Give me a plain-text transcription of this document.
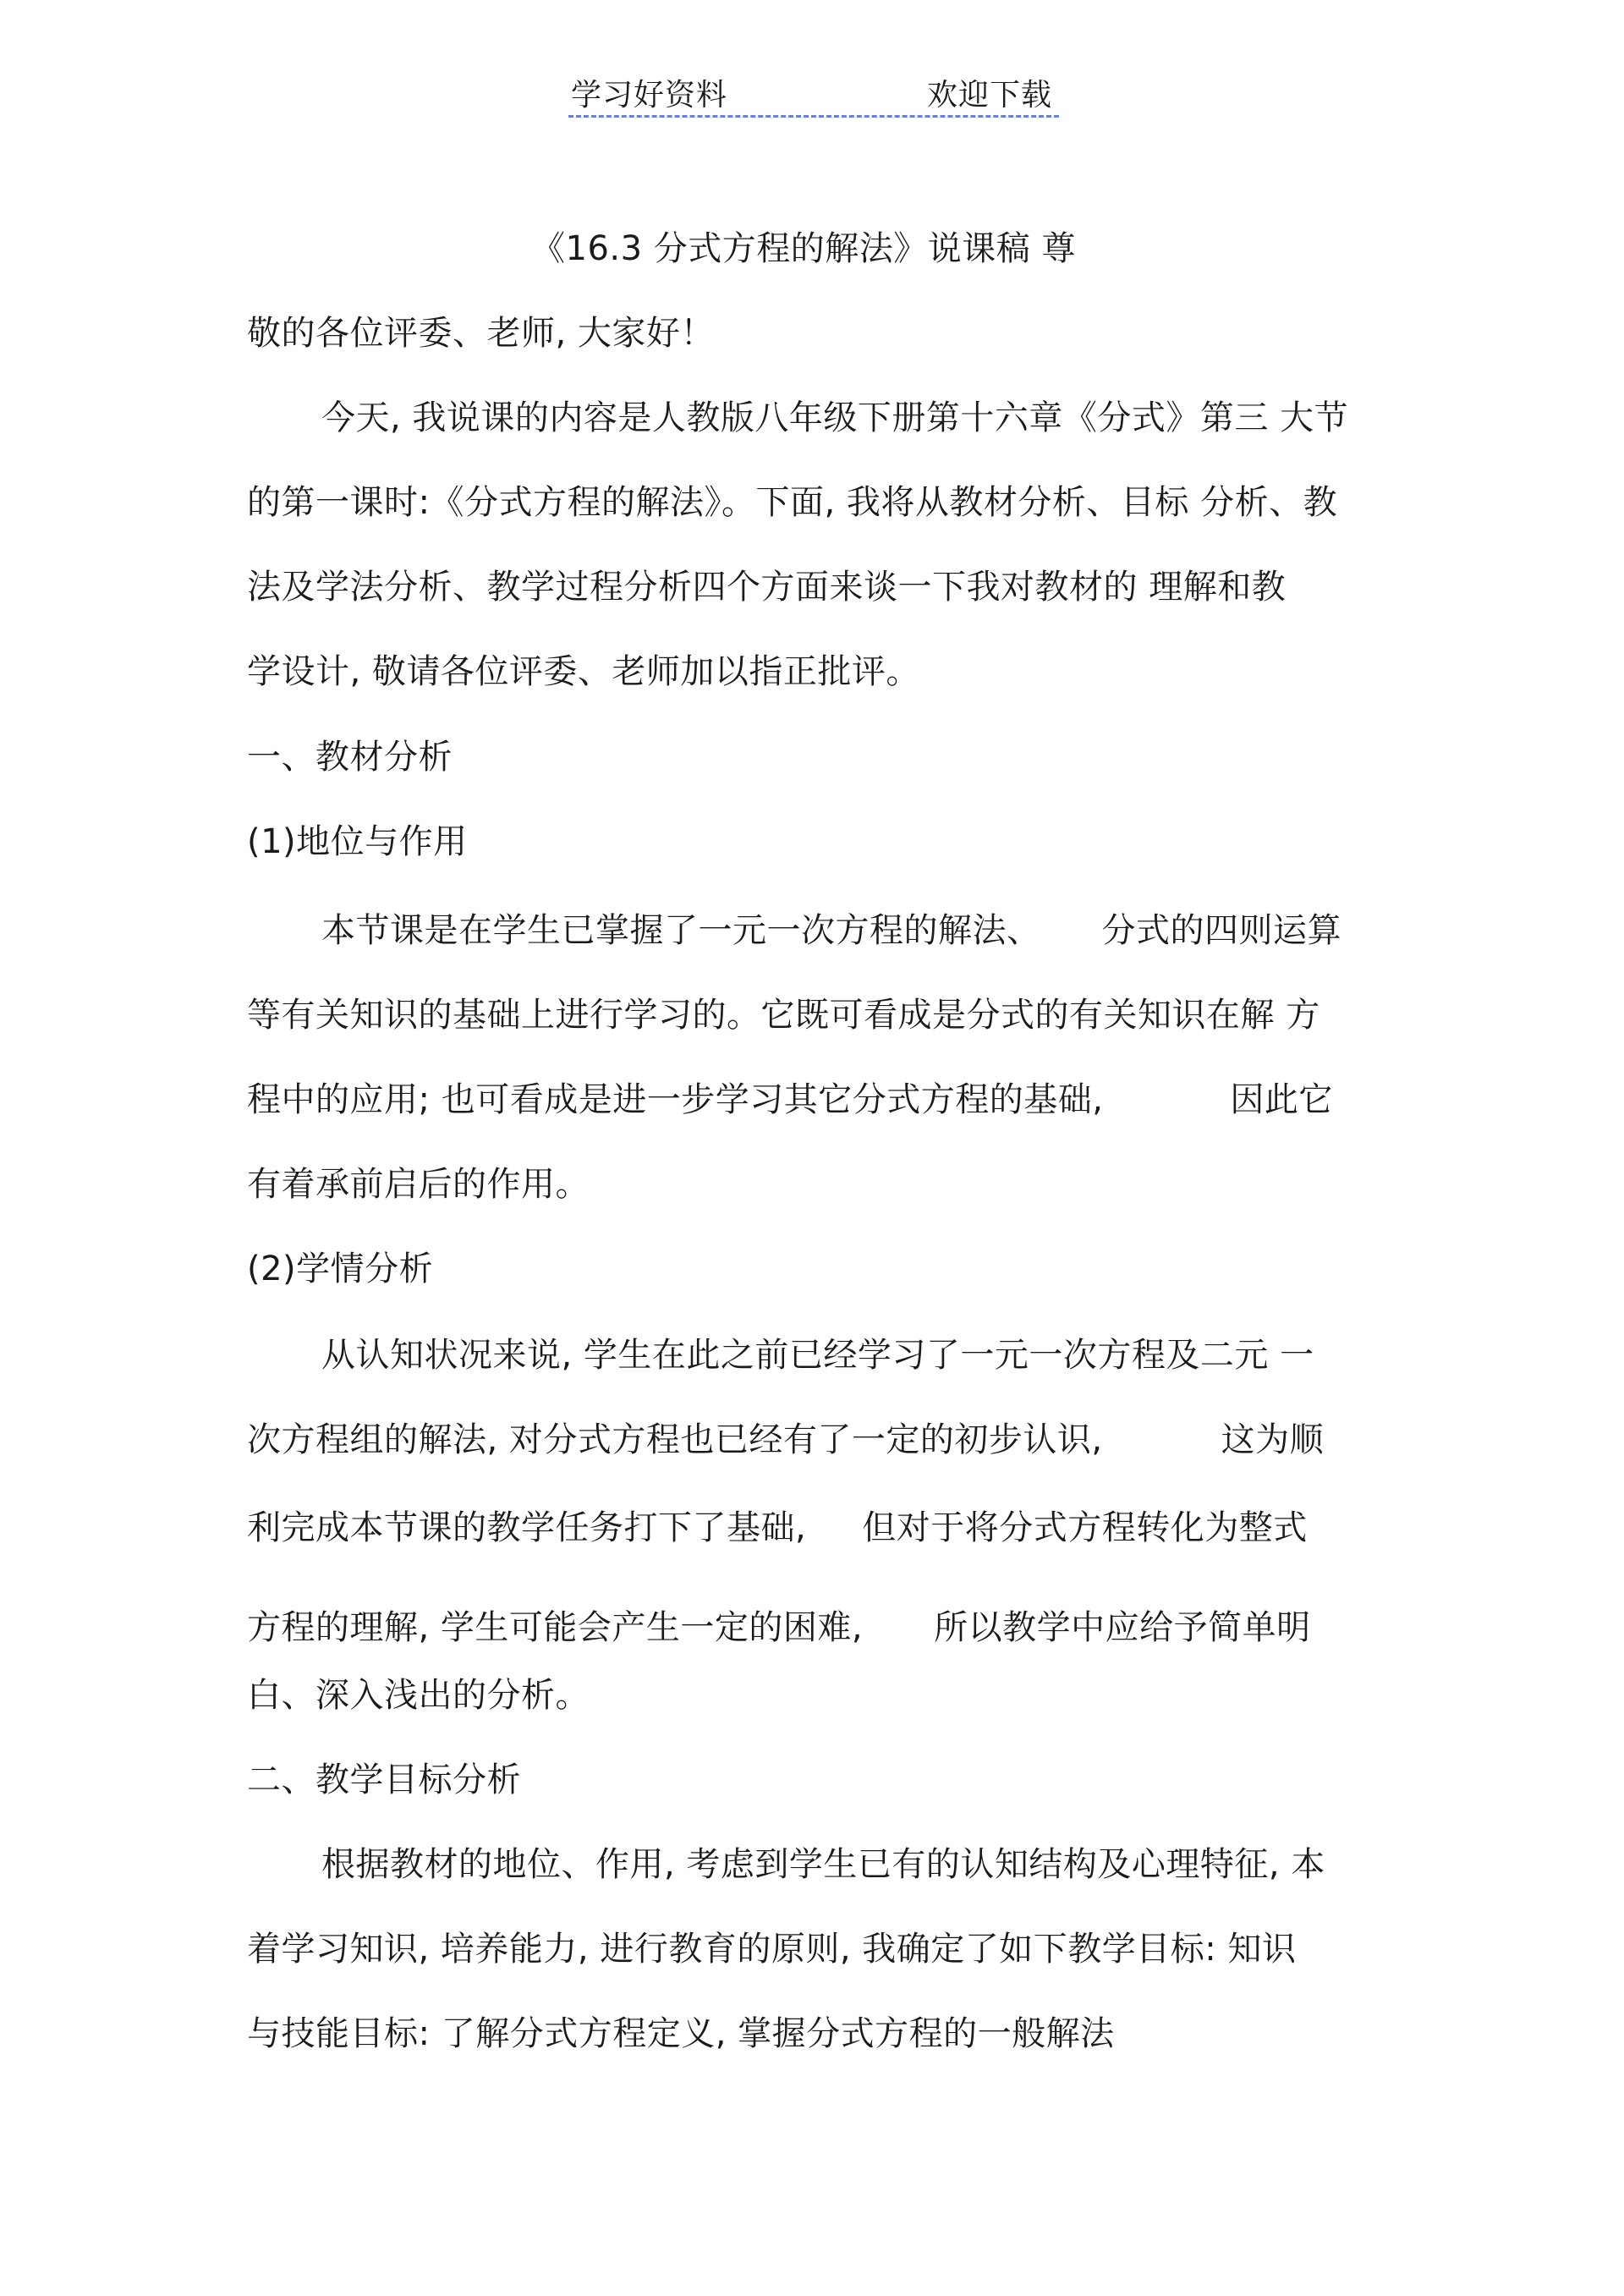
学习好资料	欢迎下载
《16.3 分式方程的解法》说课稿 尊
敬的各位评委、老师, 大家好！
今天, 我说课的内容是人教版八年级下册第十六章《分式》第三 大节
的第一课时:《分式方程的解法》。下面, 我将从教材分析、目标 分析、教
法及学法分析、教学过程分析四个方面来谈一下我对教材的 理解和教
学设计, 敬请各位评委、老师加以指正批评。
一、教材分析
(1)地位与作用
本节课是在学生已掌握了一元一次方程的解法、 分式的四则运算
等有关知识的基础上进行学习的。它既可看成是分式的有关知识在解 方
程中的应用; 也可看成是进一步学习其它分式方程的基础,	因此它
有着承前启后的作用。
(2)学情分析
从认知状况来说, 学生在此之前已经学习了一元一次方程及二元 一
次方程组的解法, 对分式方程也已经有了一定的初步认识,	这为顺
利完成本节课的教学任务打下了基础, 但对于将分式方程转化为整式
方程的理解, 学生可能会产生一定的困难, 所以教学中应给予简单明
白、深入浅出的分析。
二、教学目标分析
根据教材的地位、作用, 考虑到学生已有的认知结构及心理特征, 本
着学习知识, 培养能力, 进行教育的原则, 我确定了如下教学目标: 知识
与技能目标: 了解分式方程定义, 掌握分式方程的一般解法
